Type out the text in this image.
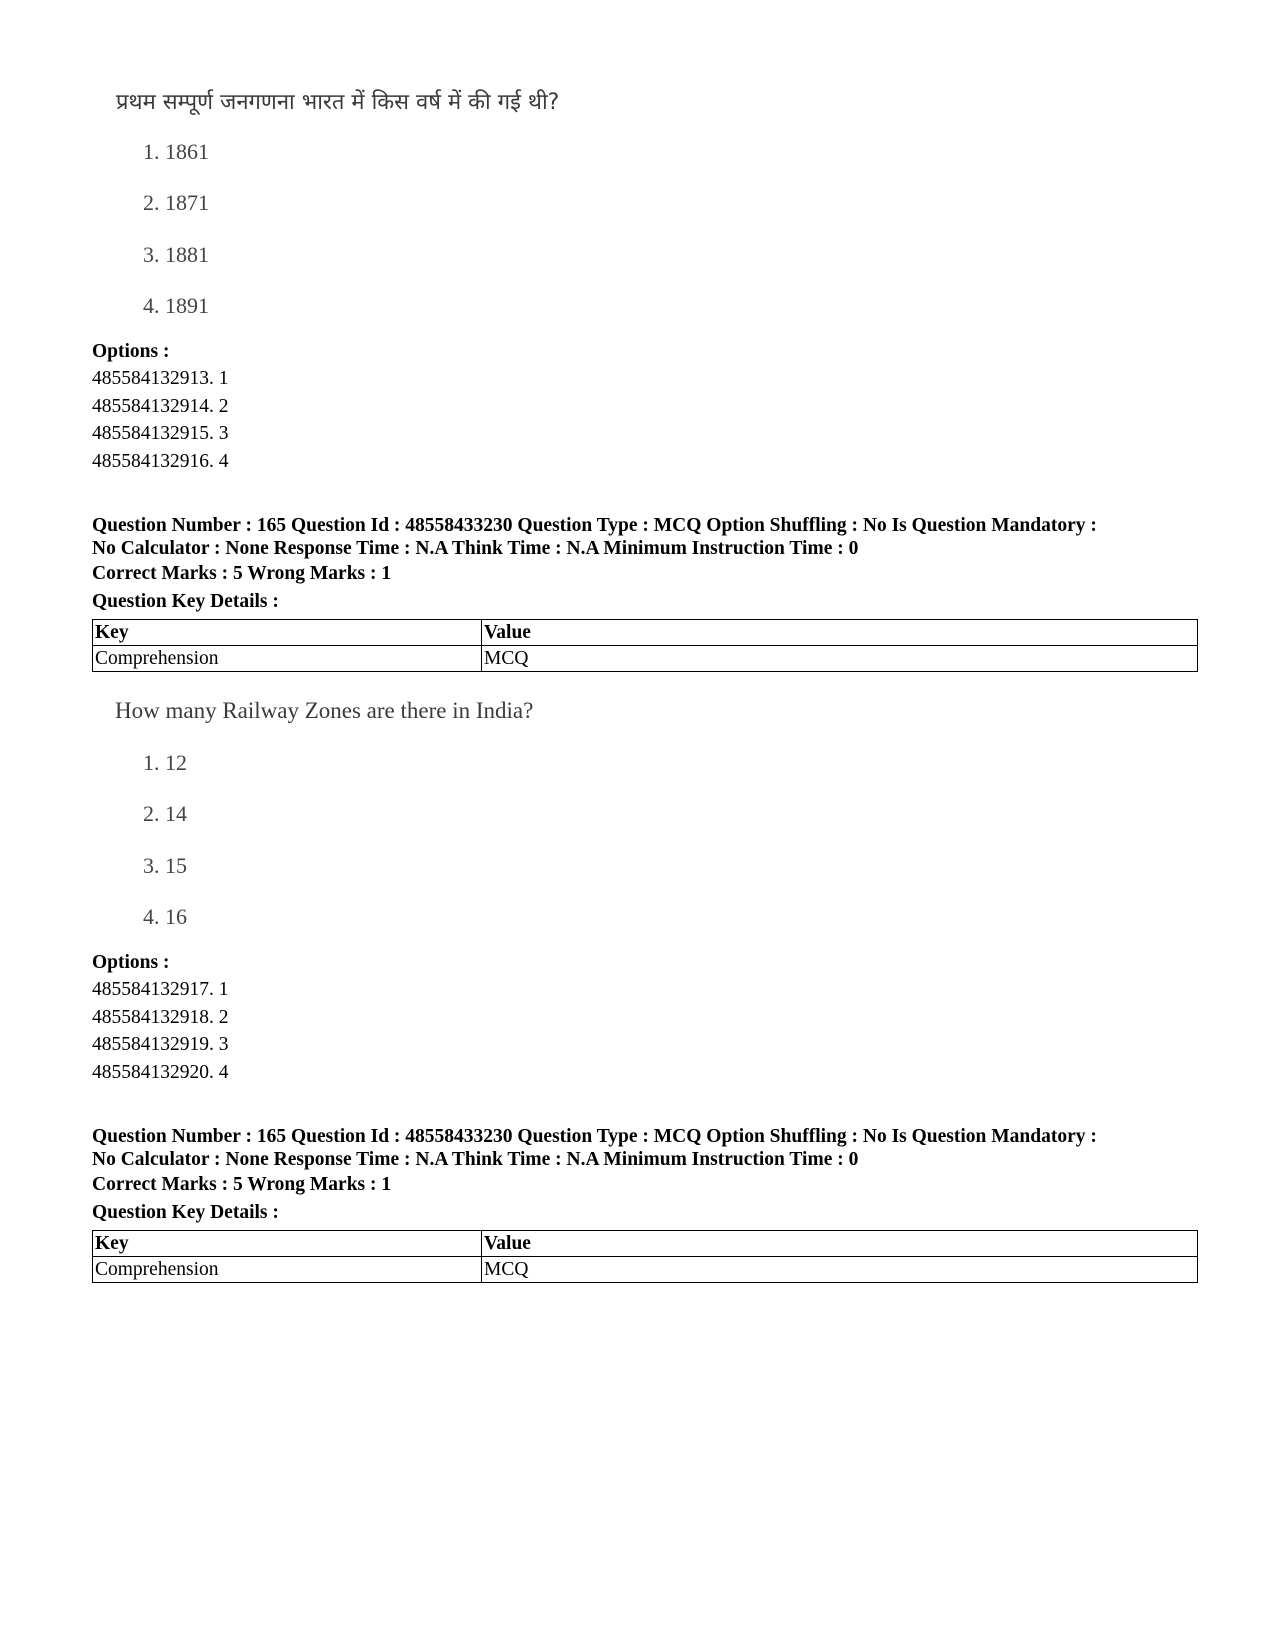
प्रथम सम्पूर्ण जनगणना भारत में किस वर्ष में की गई थी?
1. 1861
2. 1871
3. 1881
4. 1891
Options :
485584132913. 1
485584132914. 2
485584132915. 3
485584132916. 4
Question Number : 165 Question Id : 48558433230 Question Type : MCQ Option Shuffling : No Is Question Mandatory :
No Calculator : None Response Time : N.A Think Time : N.A Minimum Instruction Time : 0
Correct Marks : 5 Wrong Marks : 1
Question Key Details :
Key	Value
Comprehension	MCQ
How many Railway Zones are there in India?
1. 12
2. 14
3. 15
4. 16
Options :
485584132917. 1
485584132918. 2
485584132919. 3
485584132920. 4
Question Number : 165 Question Id : 48558433230 Question Type : MCQ Option Shuffling : No Is Question Mandatory :
No Calculator : None Response Time : N.A Think Time : N.A Minimum Instruction Time : 0
Correct Marks : 5 Wrong Marks : 1
Question Key Details :
Key	Value
Comprehension	MCQ
